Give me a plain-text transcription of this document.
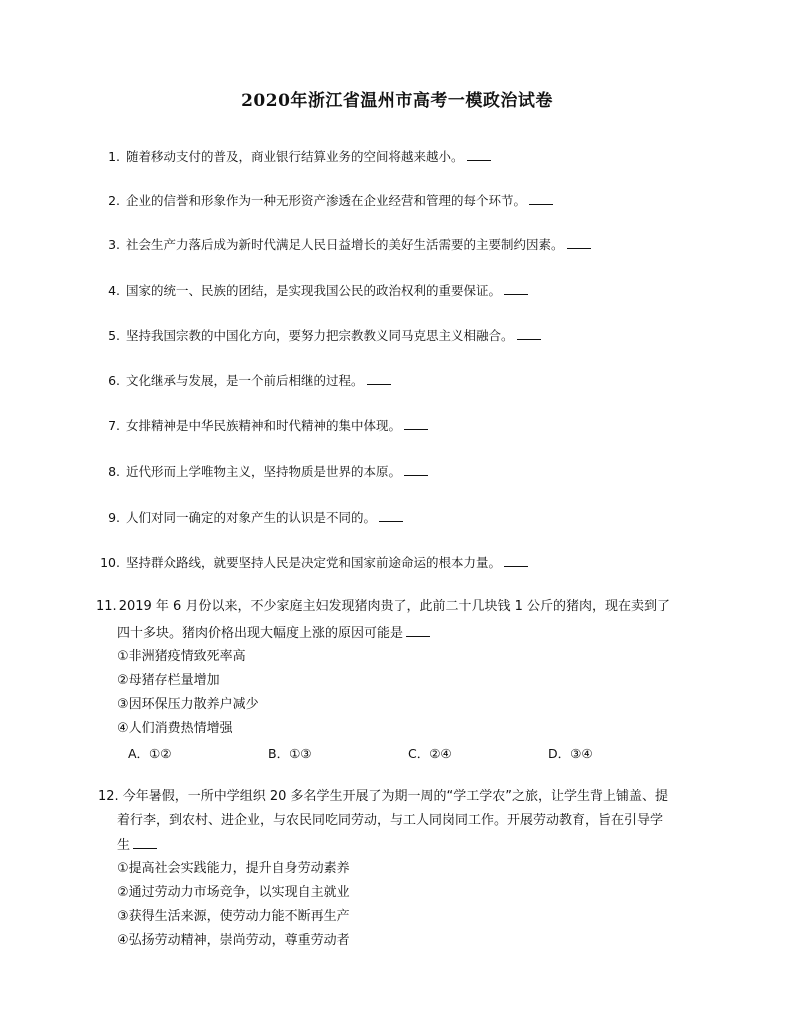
2020年浙江省温州市高考一模政治试卷
1. 随着移动支付的普及，商业银行结算业务的空间将越来越小。
2. 企业的信誉和形象作为一种无形资产渗透在企业经营和管理的每个环节。
3. 社会生产力落后成为新时代满足人民日益增长的美好生活需要的主要制约因素。
4. 国家的统一、民族的团结，是实现我国公民的政治权利的重要保证。
5. 坚持我国宗教的中国化方向，要努力把宗教教义同马克思主义相融合。
6. 文化继承与发展，是一个前后相继的过程。
7. 女排精神是中华民族精神和时代精神的集中体现。
8. 近代形而上学唯物主义，坚持物质是世界的本原。
9. 人们对同一确定的对象产生的认识是不同的。
10. 坚持群众路线，就要坚持人民是决定党和国家前途命运的根本力量。
11. 2019 年 6 月份以来，不少家庭主妇发现猪肉贵了，此前二十几块钱 1 公斤的猪肉，现在卖到了
四十多块。猪肉价格出现大幅度上涨的原因可能是
①非洲猪疫情致死率高
②母猪存栏量增加
③因环保压力散养户减少
④人们消费热情增强
A．①②	B．①③	C．②④	D．③④
12. 今年暑假，一所中学组织 20 多名学生开展了为期一周的“学工学农”之旅，让学生背上铺盖、提
着行李，到农村、进企业，与农民同吃同劳动，与工人同岗同工作。开展劳动教育，旨在引导学
生
①提高社会实践能力，提升自身劳动素养
②通过劳动力市场竞争，以实现自主就业
③获得生活来源，使劳动力能不断再生产
④弘扬劳动精神，崇尚劳动，尊重劳动者
